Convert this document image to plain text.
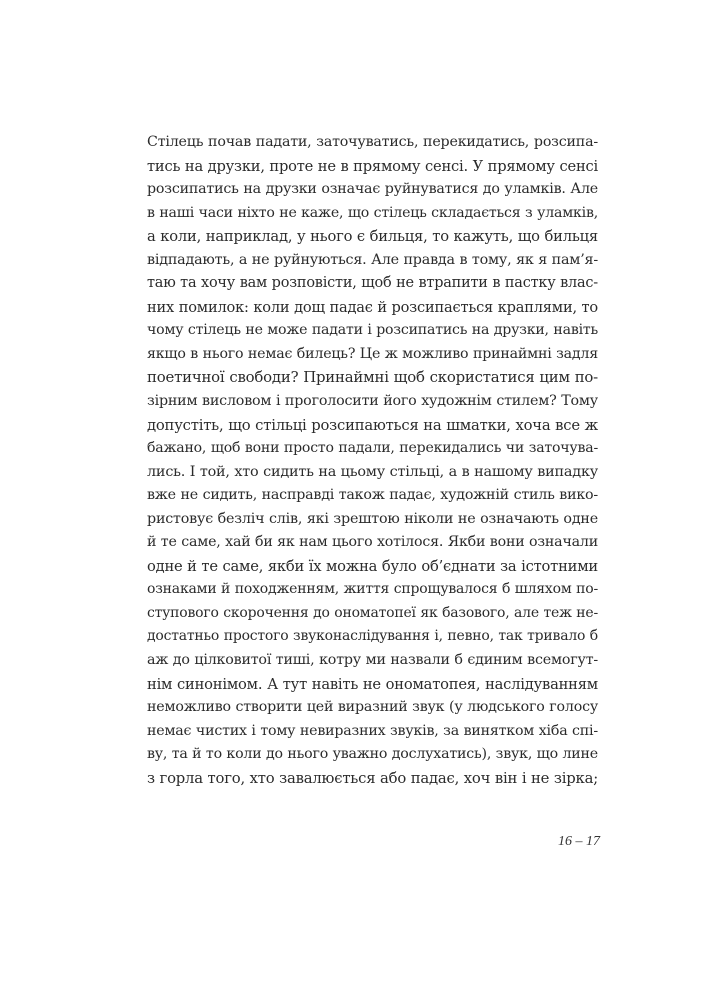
Стілець почав падати, заточуватись, перекидатись, розсипа-
тись на друзки, проте не в прямому сенсі. У прямому сенсі
розсипатись на друзки означає руйнуватися до уламків. Але
в наші часи ніхто не каже, що стілець складається з уламків,
а коли, наприклад, у нього є бильця, то кажуть, що бильця
відпадають, а не руйнуються. Але правда в тому, як я пам’я-
таю та хочу вам розповісти, щоб не втрапити в пастку влас-
них помилок: коли дощ падає й розсипається краплями, то
чому стілець не може падати і розсипатись на друзки, навіть
якщо в нього немає билець? Це ж можливо принаймні задля
поетичної свободи? Принаймні щоб скористатися цим по-
зірним висловом і проголосити його художнім стилем? Тому
допустіть, що стільці розсипаються на шматки, хоча все ж
бажано, щоб вони просто падали, перекидались чи заточува-
лись. І той, хто сидить на цьому стільці, а в нашому випадку
вже не сидить, насправді також падає, художній стиль вико-
ристовує безліч слів, які зрештою ніколи не означають одне
й те саме, хай би як нам цього хотілося. Якби вони означали
одне й те саме, якби їх можна було об’єднати за істотними
ознаками й походженням, життя спрощувалося б шляхом по-
ступового скорочення до ономатопеї як базового, але теж не-
достатньо простого звуконаслідування і, певно, так тривало б
аж до цілковитої тиші, котру ми назвали б єдиним всемогут-
нім синонімом. А тут навіть не ономатопея, наслідуванням
неможливо створити цей виразний звук (у людського голосу
немає чистих і тому невиразних звуків, за винятком хіба спі-
ву, та й то коли до нього уважно дослухатись), звук, що лине
з горла того, хто завалюється або падає, хоч він і не зірка;
16 – 17
